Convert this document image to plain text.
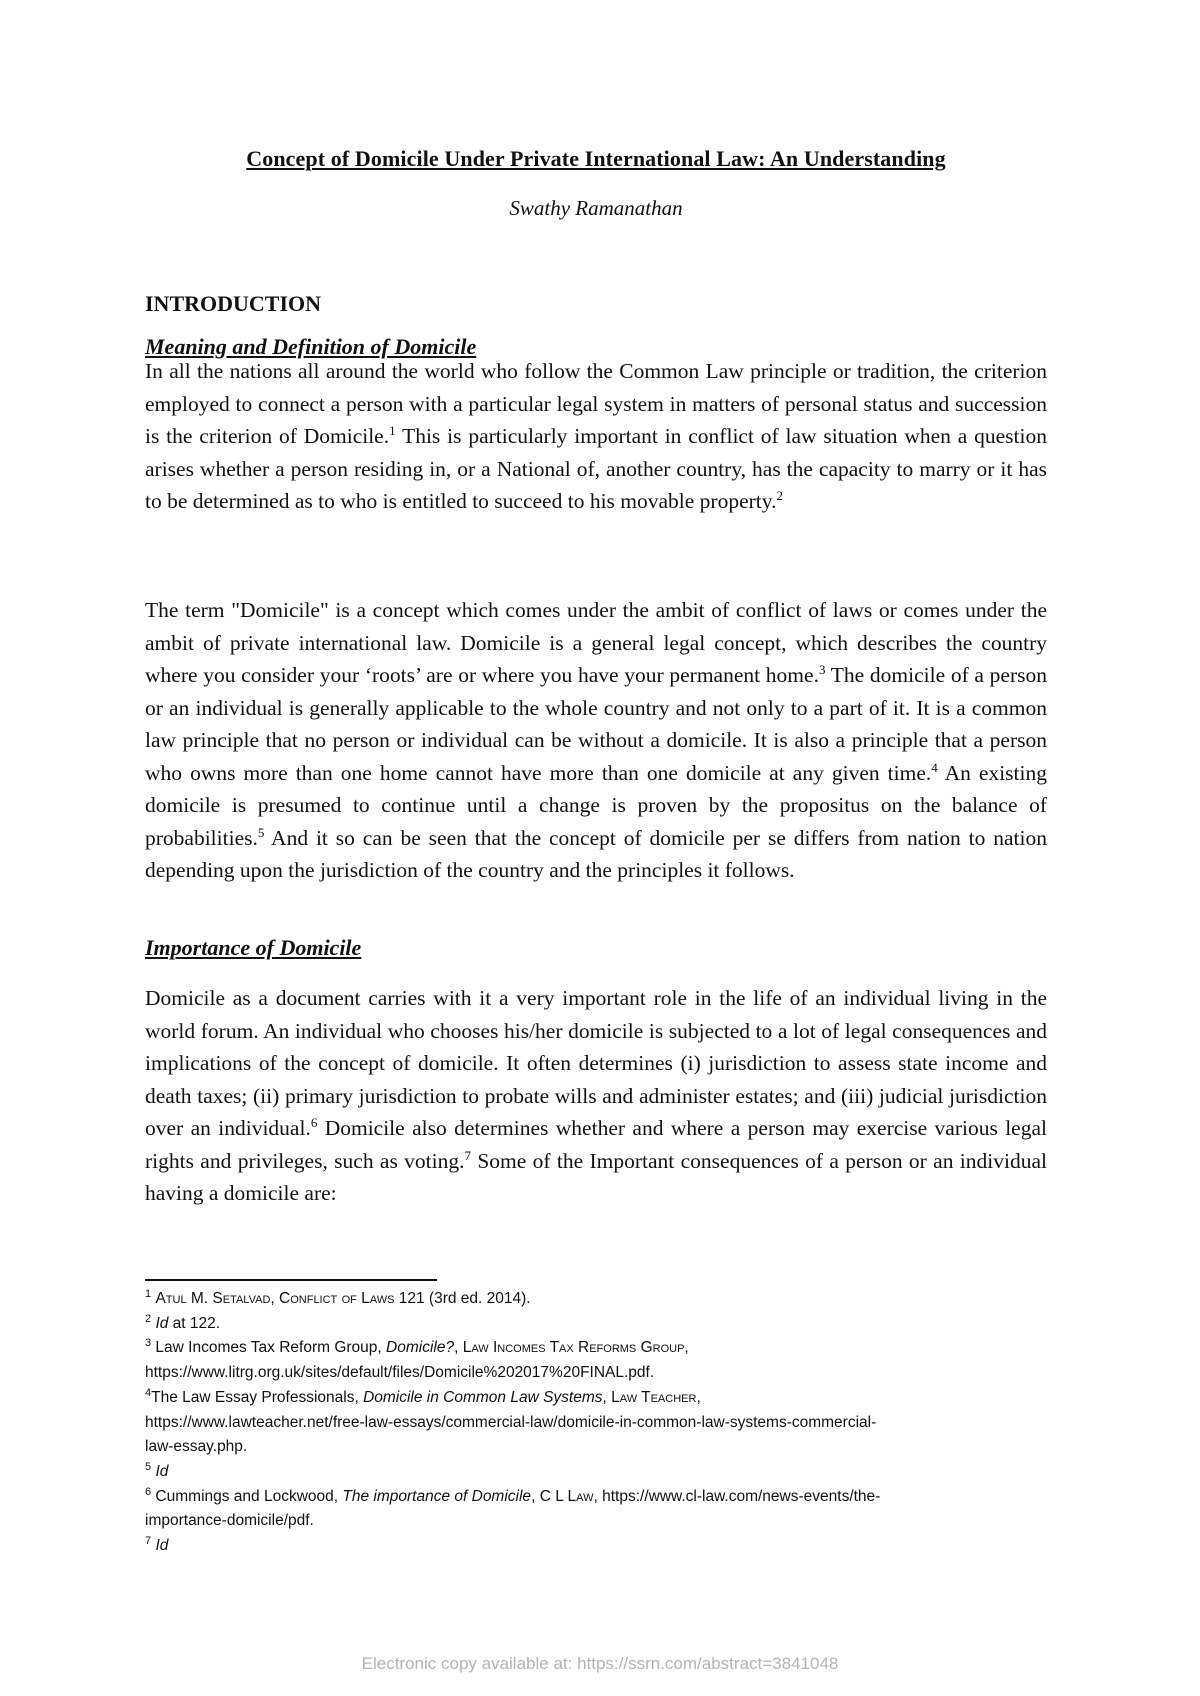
Concept of Domicile Under Private International Law: An Understanding
Swathy Ramanathan
INTRODUCTION
Meaning and Definition of Domicile

In all the nations all around the world who follow the Common Law principle or tradition, the criterion employed to connect a person with a particular legal system in matters of personal status and succession is the criterion of Domicile.$^1$ This is particularly important in conflict of law situation when a question arises whether a person residing in, or a National of, another country, has the capacity to marry or it has to be determined as to who is entitled to succeed to his movable property.$^2$

The term "Domicile" is a concept which comes under the ambit of conflict of laws or comes under the ambit of private international law. Domicile is a general legal concept, which describes the country where you consider your ‘roots’ are or where you have your permanent home.$^3$ The domicile of a person or an individual is generally applicable to the whole country and not only to a part of it. It is a common law principle that no person or individual can be without a domicile. It is also a principle that a person who owns more than one home cannot have more than one domicile at any given time.$^4$ An existing domicile is presumed to continue until a change is proven by the propositus on the balance of probabilities.$^5$ And it so can be seen that the concept of domicile per se differs from nation to nation depending upon the jurisdiction of the country and the principles it follows.

Importance of Domicile

Domicile as a document carries with it a very important role in the life of an individual living in the world forum. An individual who chooses his/her domicile is subjected to a lot of legal consequences and implications of the concept of domicile. It often determines (i) jurisdiction to assess state income and death taxes; (ii) primary jurisdiction to probate wills and administer estates; and (iii) judicial jurisdiction over an individual.$^6$ Domicile also determines whether and where a person may exercise various legal rights and privileges, such as voting.$^7$ Some of the Important consequences of a person or an individual having a domicile are:

$^1$ Atul M. Setalvad, Conflict of Laws 121 (3rd ed. 2014).

$^2$ Id at 122.

$^3$ Law Incomes Tax Reform Group, Domicile?, Law Incomes Tax Reforms Group,
https://www.litrg.org.uk/sites/default/files/Domicile%202017%20FINAL.pdf.

$^4$The Law Essay Professionals, Domicile in Common Law Systems, Law Teacher,
https://www.lawteacher.net/free-law-essays/commercial-law/domicile-in-common-law-systems-commercial-
law-essay.php.

$^5$ Id

$^6$ Cummings and Lockwood, The importance of Domicile, C L Law, https://www.cl-law.com/news-events/the-
importance-domicile/pdf.

$^7$ Id

Electronic copy available at: https://ssrn.com/abstract=3841048
